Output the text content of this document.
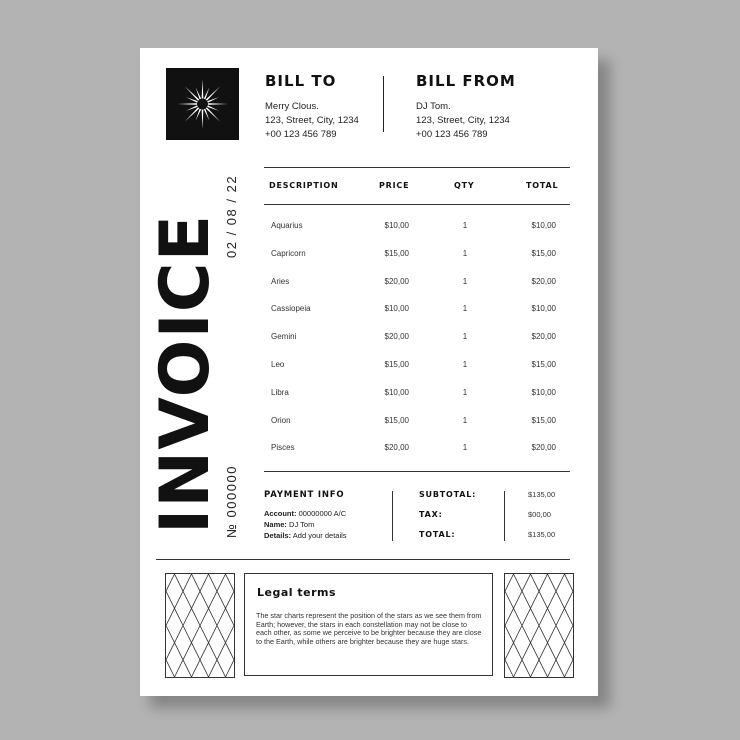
INVOICE 02 / 08 / 22
№ 000000
BILL TO
Merry Clous.
123, Street, City, 1234
+00 123 456 789
BILL FROM
DJ Tom.
123, Street, City, 1234
+00 123 456 789
DESCRIPTION	PRICE	QTY	TOTAL
Aquarius	$10,00	1	$10,00
Capricorn	$15,00	1	$15,00
Aries	$20,00	1	$20,00
Cassiopeia	$10,00	1	$10,00
Gemini	$20,00	1	$20,00
Leo	$15,00	1	$15,00
Libra	$10,00	1	$10,00
Orion	$15,00	1	$15,00
Pisces	$20,00	1	$20,00
PAYMENT INFO
Account: 00000000 A/C
Name: DJ Tom
Details: Add your details
SUBTOTAL:	$135,00
TAX:	$00,00
TOTAL:	$135,00
Legal terms

The star charts represent the position of the stars as we see them from Earth; however, the stars in each constellation may not be close to each other, as some we perceive to be brighter because they are close to the Earth, while others are brighter because they are huge stars.
